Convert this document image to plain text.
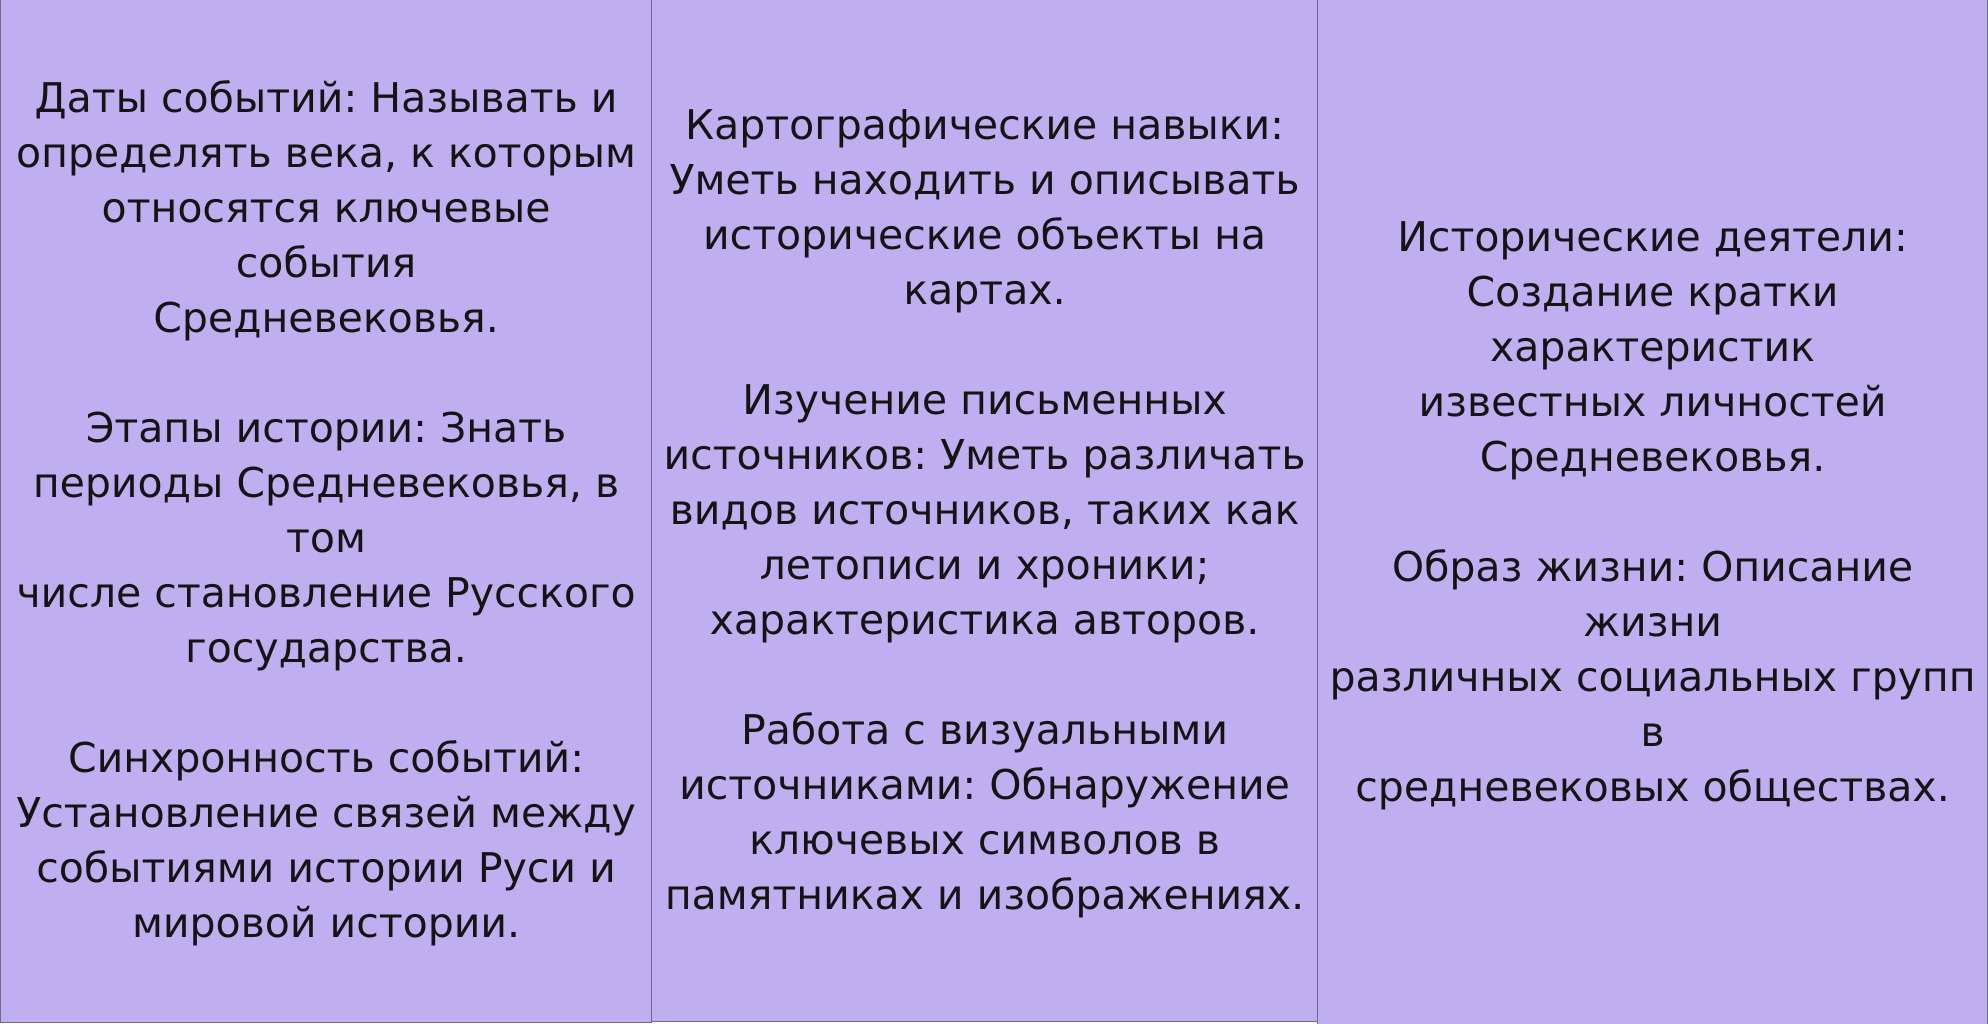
Даты событий: Называть и
определять века, к которым
относятся ключевые события
Средневековья.

Этапы истории: Знать
периоды Средневековья, в том
числе становление Русского
государства.

Синхронность событий:
Установление связей между
событиями истории Руси и
мировой истории.

Картографические навыки:
Уметь находить и описывать
исторические объекты на
картах.

Изучение письменных
источников: Уметь различать
видов источников, таких как
летописи и хроники;
характеристика авторов.

Работа с визуальными
источниками: Обнаружение
ключевых символов в
памятниках и изображениях.

Исторические деятели:
Создание кратки характеристик
известных личностей
Средневековья.

Образ жизни: Описание жизни
различных социальных групп в
средневековых обществах.
